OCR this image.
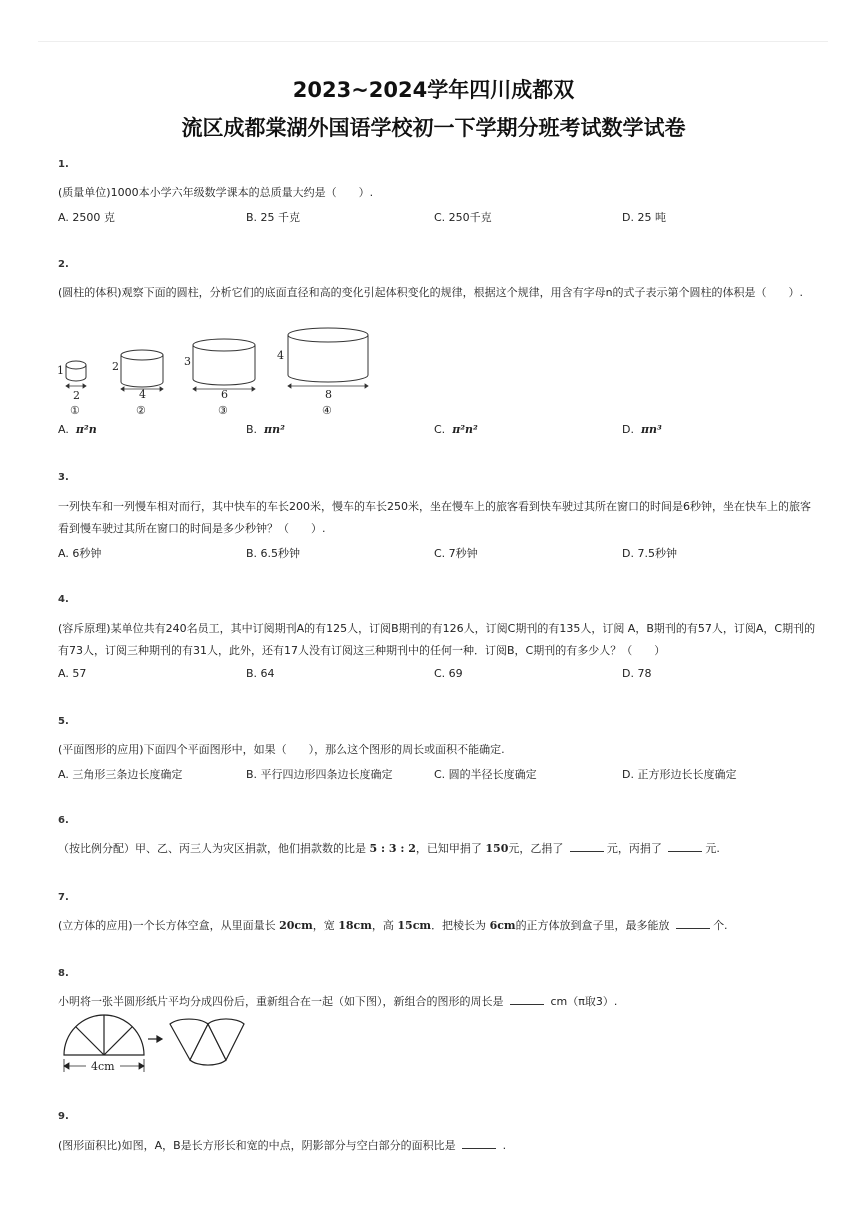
2023~2024学年四川成都双
流区成都棠湖外国语学校初一下学期分班考试数学试卷
1.
(质量单位)1000本小学六年级数学课本的总质量大约是（　　）.
A. 2500 克	B. 25 千克	C. 250千克	D. 25 吨
2.
(圆柱的体积)观察下面的圆柱，分析它们的底面直径和高的变化引起体积变化的规律，根据这个规律，用含有字母n的式子表示第个圆柱的体积是（　　）.
1	2	3	4
2	4	6	8
①	②	③	④
A. π²n	B. πn²	C. π²n²	D. πn³
3.
一列快车和一列慢车相对而行，其中快车的车长200米，慢车的车长250米，坐在慢车上的旅客看到快车驶过其所在窗口的时间是6秒钟，坐在快车上的旅客看到慢车驶过其所在窗口的时间是多少秒钟？（　　）.
A. 6秒钟	B. 6.5秒钟	C. 7秒钟	D. 7.5秒钟
4.
(容斥原理)某单位共有240名员工，其中订阅期刊A的有125人，订阅B期刊的有126人，订阅C期刊的有135人，订阅 A，B期刊的有57人，订阅A，C期刊的有73人，订阅三种期刊的有31人，此外，还有17人没有订阅这三种期刊中的任何一种．订阅B，C期刊的有多少人？（　　）
A. 57	B. 64	C. 69	D. 78
5.
(平面图形的应用)下面四个平面图形中，如果（　　），那么这个图形的周长或面积不能确定.
A. 三角形三条边长度确定	B. 平行四边形四条边长度确定	C. 圆的半径长度确定	D. 正方形边长长度确定
6.
（按比例分配）甲、乙、丙三人为灾区捐款，他们捐款数的比是 5 : 3 : 2，已知甲捐了 150元，乙捐了	元，丙捐了	元.
7.
(立方体的应用)一个长方体空盒，从里面量长 20cm，宽 18cm，高 15cm．把棱长为 6cm的正方体放到盒子里，最多能放	个.
8.
小明将一张半圆形纸片平均分成四份后，重新组合在一起（如下图），新组合的图形的周长是	cm（π取3）.
4cm
9.
(图形面积比)如图，A，B是长方形长和宽的中点，阴影部分与空白部分的面积比是	.
